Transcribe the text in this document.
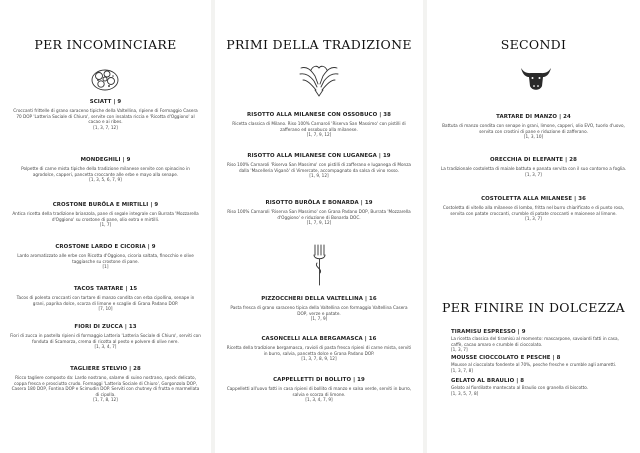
PER INCOMINCIARE
SCIATT | 9
Croccanti frittelle di grano saraceno tipiche della Valtellina, ripiene di Formaggio Casera 70 DOP 'Latteria Sociale di Chiuro', servite con insalata riccia e 'Ricotta d'Oggiono' al cacao e ai ribes.
[1, 3, 7, 12]
MONDEGHILI | 9
Polpette di carne mista tipiche della tradizione milanese servite con spinacino in agrodolce, capperi, pancetta croccante alle erbe e mayo alla senape.
[1, 3, 5, 6, 7, 9]
CROSTONE BURÖLA E MIRTILLI | 9
Antica ricetta della tradizione brianzola, pane di segale integrale con Burrata 'Mozzarella d'Oggiono' su crostone di pane, olio extra e mirtilli.
[1, 7]
CROSTONE LARDO E CICORIA | 9
Lardo aromatizzato alle erbe con Ricotta d'Oggiono, cicoria saltata, finocchio e olive taggiasche su crostone di pane.
[1]
TACOS TARTARE | 15
Tacos di polenta croccanti con tartare di manzo condita con erba cipollina, senape in grani, paprika dolce, scorza di limone e scaglie di Grana Padano DOP.
[7, 10]
FIORI DI ZUCCA | 13
Fiori di zucca in pastella ripieni di formaggio Latteria 'Latteria Sociale di Chiuro', serviti con fonduta di Scamorza, crema di ricotta al pesto e polvere di olive nere.
[1, 3, 4, 7]
TAGLIERE STELVIO | 28
Ricco tagliere composto da: Lardo nostrano, salame di suino nostrano, speck delicato, coppa fresca e prosciutto crudo. Formaggi 'Latteria Sociale di Chiuro', Gorgonzola DOP, Casera 180 DOP, Fontina DOP e Scimudin DOP. Serviti con chutney di frutta e marmellata di cipolla.
[1, 7, 8, 12]
PRIMI DELLA TRADIZIONE
RISOTTO ALLA MILANESE CON OSSOBUCO | 38
Ricetta classica di Milano. Riso 100% Carnaroli 'Riserva San Massimo' con pistilli di zafferano ed ossobuco alla milanese.
[1, 7, 9, 12]
RISOTTO ALLA MILANESE CON LUGANEGA | 19
Riso 100% Carnaroli 'Riserva San Massimo' con pistilli di zafferano e luganega di Monza dalla 'Macelleria Viganò' di Vimercate, accompagnato da salsa di vino rosso.
[1, 9, 12]
RISOTTO BURÖLA E BONARDA | 19
Riso 100% Carnaroli 'Riserva San Massimo' con Grana Padano DOP, Burrata 'Mozzarella d'Oggiono' e riduzione di Bonarda DOC.
[1, 7, 9, 12]
PIZZOCCHERI DELLA VALTELLINA | 16
Pasta fresca di grano saraceno tipica della Valtellina con formaggio Valtellina Casera DOP, verze e patate.
[1, 7, 9]
CASONCELLI ALLA BERGAMASCA | 16
Ricetta della tradizione bergamasca, ravioli di pasta fresca ripieni di carne mista, serviti in burro, salvia, pancetta dolce e Grana Padano DOP.
[1, 3, 7, 8, 9, 12]
CAPPELLETTI DI BOLLITO | 19
Cappelletti all'uovo fatti in casa ripieni di bollito di manzo e salsa verde, serviti in burro, salvia e scorza di limone.
[1, 3, 4, 7, 9]
SECONDI
TARTARE DI MANZO | 24
Battuta di manzo condita con senape in grani, limone, capperi, olio EVO, tuorlo d'uovo, servita con crostini di pane e riduzione di zafferano.
[1, 3, 10]
ORECCHIA DI ELEFANTE | 28
La tradizionale costoletta di maiale battuta e panata servita con il suo contorno a foglia.
[1, 3, 7]
COSTOLETTA ALLA MILANESE | 36
Costoletta di vitello alla milanese di lombo, fritta nel burro chiarificato e di punto rosa, servita con patate croccanti, crumble di patate croccanti e maionese al limone.
[1, 3, 7]
PER FINIRE IN DOLCEZZA
TIRAMISU ESPRESSO | 9
La ricetta classica del tiramisù al momento: mascarpone, savoiardi fatti in casa, caffè, cacao amaro e crumble di cioccolato.
[1, 3, 7]
MOUSSE CIOCCOLATO E PESCHE | 8
Mousse al cioccolato fondente al 70%, pesche fresche e crumble agli amaretti.
[1, 3, 7, 8]
GELATO AL BRAULIO | 8
Gelato al fiordilatte mantecato al Braulio con granella di biscotto.
[1, 3, 5, 7, 8]
